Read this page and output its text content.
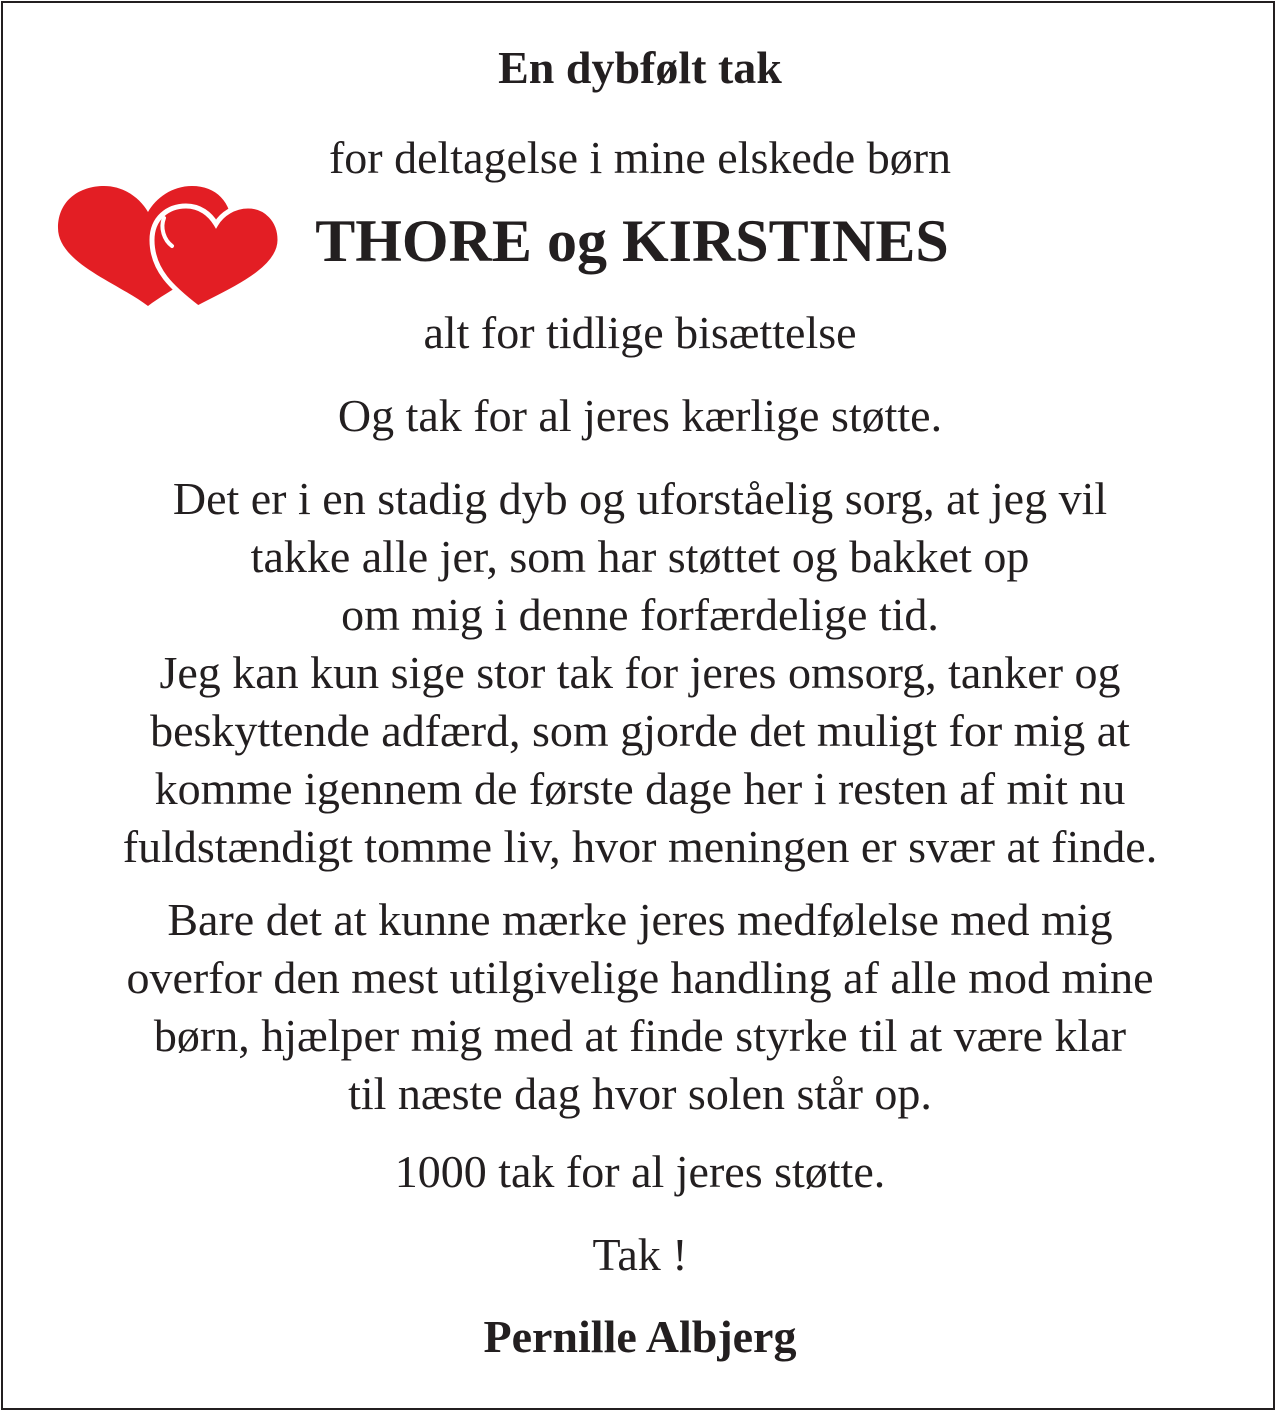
En dybfølt tak
for deltagelse i mine elskede børn
THORE og KIRSTINES
alt for tidlige bisættelse
Og tak for al jeres kærlige støtte.
Det er i en stadig dyb og uforståelig sorg, at jeg vil
takke alle jer, som har støttet og bakket op
om mig i denne forfærdelige tid.
Jeg kan kun sige stor tak for jeres omsorg, tanker og
beskyttende adfærd, som gjorde det muligt for mig at
komme igennem de første dage her i resten af mit nu
fuldstændigt tomme liv, hvor meningen er svær at finde.
Bare det at kunne mærke jeres medfølelse med mig
overfor den mest utilgivelige handling af alle mod mine
børn, hjælper mig med at finde styrke til at være klar
til næste dag hvor solen står op.
1000 tak for al jeres støtte.
Tak !
Pernille Albjerg
